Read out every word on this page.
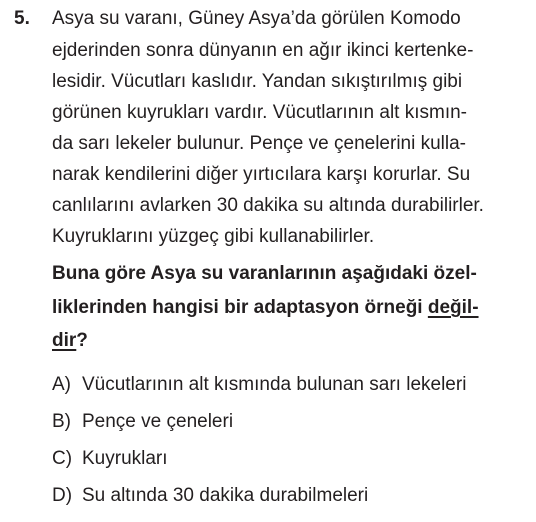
5. Asya su varanı, Güney Asya’da görülen Komodo
ejderinden sonra dünyanın en ağır ikinci kertenke-
lesidir. Vücutları kaslıdır. Yandan sıkıştırılmış gibi
görünen kuyrukları vardır. Vücutlarının alt kısmın-
da sarı lekeler bulunur. Pençe ve çenelerini kulla-
narak kendilerini diğer yırtıcılara karşı korurlar. Su
canlılarını avlarken 30 dakika su altında durabilirler.
Kuyruklarını yüzgeç gibi kullanabilirler.
Buna göre Asya su varanlarının aşağıdaki özel-
liklerinden hangisi bir adaptasyon örneği değil-
dir?
A) Vücutlarının alt kısmında bulunan sarı lekeleri
B) Pençe ve çeneleri
C) Kuyrukları
D) Su altında 30 dakika durabilmeleri
